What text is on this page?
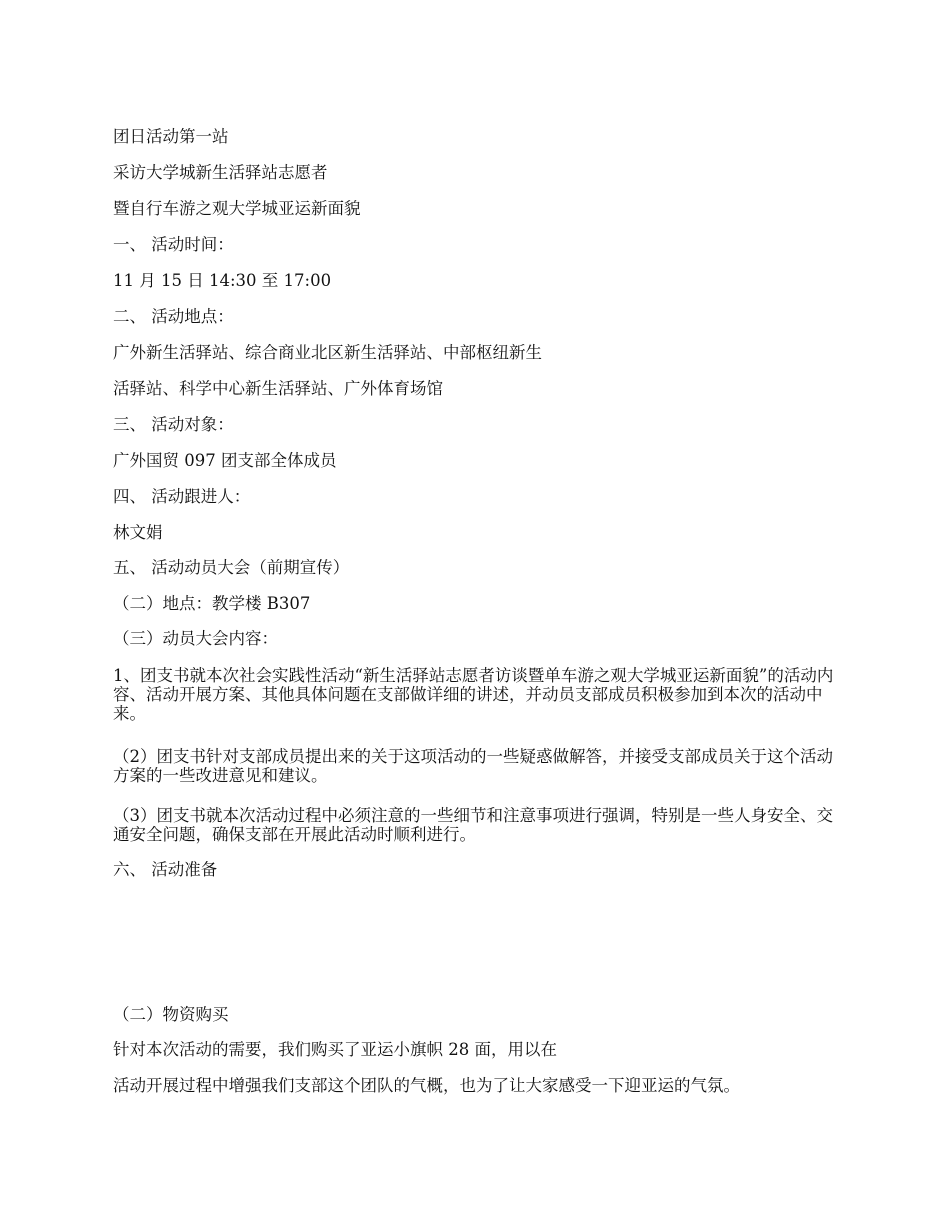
团日活动第一站
采访大学城新生活驿站志愿者
暨自行车游之观大学城亚运新面貌
一、 活动时间：
11 月 15 日 14:30 至 17:00
二、 活动地点：
广外新生活驿站、综合商业北区新生活驿站、中部枢纽新生
活驿站、科学中心新生活驿站、广外体育场馆
三、 活动对象：
广外国贸 097 团支部全体成员
四、 活动跟进人：
林文娟
五、 活动动员大会（前期宣传）
（二）地点：教学楼 B307
（三）动员大会内容：
1、团支书就本次社会实践性活动“新生活驿站志愿者访谈暨单车游之观大学城亚运新面貌”的活动内容、活动开展方案、其他具体问题在支部做详细的讲述，并动员支部成员积极参加到本次的活动中来。
（2）团支书针对支部成员提出来的关于这项活动的一些疑惑做解答，并接受支部成员关于这个活动方案的一些改进意见和建议。
（3）团支书就本次活动过程中必须注意的一些细节和注意事项进行强调，特别是一些人身安全、交通安全问题，确保支部在开展此活动时顺利进行。
六、 活动准备
（二）物资购买
针对本次活动的需要，我们购买了亚运小旗帜 28 面，用以在
活动开展过程中增强我们支部这个团队的气概，也为了让大家感受一下迎亚运的气氛。
